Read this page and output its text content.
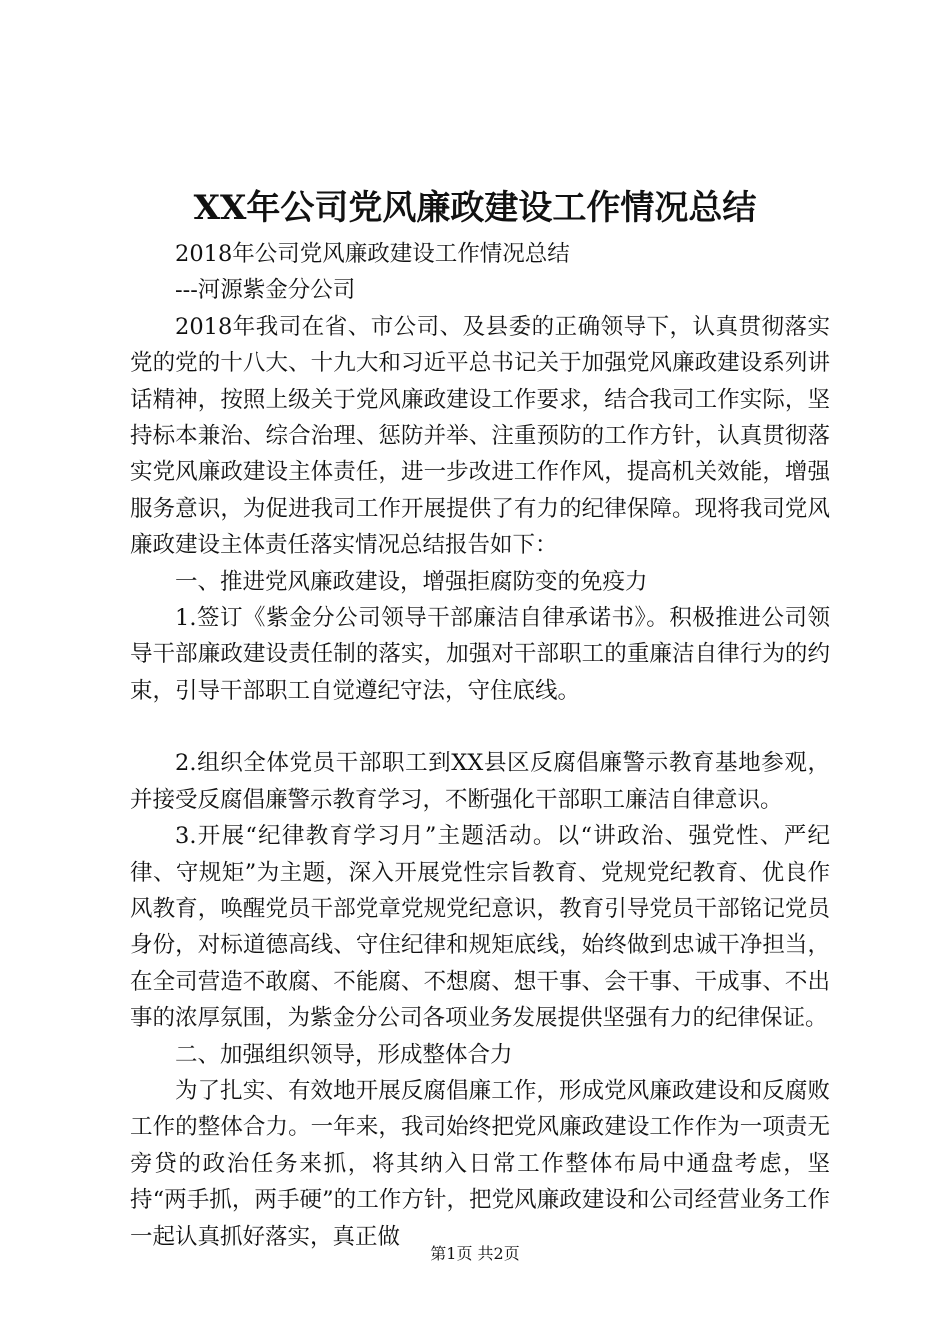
XX年公司党风廉政建设工作情况总结

2018年公司党风廉政建设工作情况总结

---河源紫金分公司

2018年我司在省、市公司、及县委的正确领导下，认真贯彻落实党的党的十八大、十九大和习近平总书记关于加强党风廉政建设系列讲话精神，按照上级关于党风廉政建设工作要求，结合我司工作实际，坚持标本兼治、综合治理、惩防并举、注重预防的工作方针，认真贯彻落实党风廉政建设主体责任，进一步改进工作作风，提高机关效能，增强服务意识，为促进我司工作开展提供了有力的纪律保障。现将我司党风廉政建设主体责任落实情况总结报告如下：

一、推进党风廉政建设，增强拒腐防变的免疫力

1.签订《紫金分公司领导干部廉洁自律承诺书》。积极推进公司领导干部廉政建设责任制的落实，加强对干部职工的重廉洁自律行为的约束，引导干部职工自觉遵纪守法，守住底线。

2.组织全体党员干部职工到XX县区反腐倡廉警示教育基地参观，并接受反腐倡廉警示教育学习，不断强化干部职工廉洁自律意识。

3.开展“纪律教育学习月”主题活动。以“讲政治、强党性、严纪律、守规矩”为主题，深入开展党性宗旨教育、党规党纪教育、优良作风教育，唤醒党员干部党章党规党纪意识，教育引导党员干部铭记党员身份，对标道德高线、守住纪律和规矩底线，始终做到忠诚干净担当，在全司营造不敢腐、不能腐、不想腐、想干事、会干事、干成事、不出事的浓厚氛围，为紫金分公司各项业务发展提供坚强有力的纪律保证。

二、加强组织领导，形成整体合力

为了扎实、有效地开展反腐倡廉工作，形成党风廉政建设和反腐败工作的整体合力。一年来，我司始终把党风廉政建设工作作为一项责无旁贷的政治任务来抓，将其纳入日常工作整体布局中通盘考虑，坚持“两手抓，两手硬”的工作方针，把党风廉政建设和公司经营业务工作一起认真抓好落实，真正做

第1页 共2页
